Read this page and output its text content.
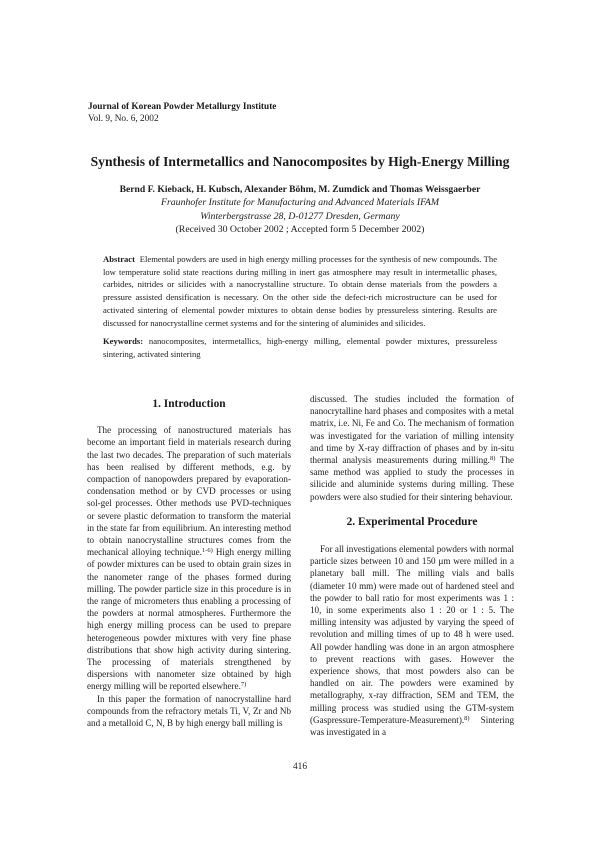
Journal of Korean Powder Metallurgy Institute
Vol. 9, No. 6, 2002
Synthesis of Intermetallics and Nanocomposites by High-Energy Milling
Bernd F. Kieback, H. Kubsch, Alexander Böhm, M. Zumdick and Thomas Weissgaerber
Fraunhofer Institute for Manufacturing and Advanced Materials IFAM
Winterbergstrasse 28, D-01277 Dresden, Germany
(Received 30 October 2002 ; Accepted form 5 December 2002)
Abstract Elemental powders are used in high energy milling processes for the synthesis of new compounds. The low temperature solid state reactions during milling in inert gas atmosphere may result in intermetallic phases, carbides, nitrides or silicides with a nanocrystalline structure. To obtain dense materials from the powders a pressure assisted densification is necessary. On the other side the defect-rich microstructure can be used for activated sintering of elemental powder mixtures to obtain dense bodies by pressureless sintering. Results are discussed for nanocrystalline cermet systems and for the sintering of aluminides and silicides.
Keywords: nanocomposites, intermetallics, high-energy milling, elemental powder mixtures, pressureless sintering, activated sintering
1. Introduction

The processing of nanostructured materials has become an important field in materials research during the last two decades. The preparation of such materials has been realised by different methods, e.g. by compaction of nanopowders prepared by evaporation-condensation method or by CVD processes or using sol-gel processes. Other methods use PVD-techniques or severe plastic deformation to transform the material in the state far from equilibrium. An interesting method to obtain nanocrystalline structures comes from the mechanical alloying technique.$^{1-6)}$ High energy milling of powder mixtures can be used to obtain grain sizes in the nanometer range of the phases formed during milling. The powder particle size in this procedure is in the range of micrometers thus enabling a processing of the powders at normal atmospheres. Furthermore the high energy milling process can be used to prepare heterogeneous powder mixtures with very fine phase distributions that show high activity during sintering. The processing of materials strengthened by dispersions with nanometer size obtained by high energy milling will be reported elsewhere.$^{7)}$

In this paper the formation of nanocrystalline hard compounds from the refractory metals Ti, V, Zr and Nb and a metalloid C, N, B by high energy ball milling is

discussed. The studies included the formation of nanocrytalline hard phases and composites with a metal matrix, i.e. Ni, Fe and Co. The mechanism of formation was investigated for the variation of milling intensity and time by X-ray diffraction of phases and by in-situ thermal analysis measurements during milling.$^{8)}$ The same method was applied to study the processes in silicide and aluminide systems during milling. These powders were also studied for their sintering behaviour.

2. Experimental Procedure

For all investigations elemental powders with normal particle sizes between 10 and 150 μm were milled in a planetary ball mill. The milling vials and balls (diameter 10 mm) were made out of hardened steel and the powder to ball ratio for most experiments was 1 : 10, in some experiments also 1 : 20 or 1 : 5. The milling intensity was adjusted by varying the speed of revolution and milling times of up to 48 h were used. All powder handling was done in an argon atmosphere to prevent reactions with gases. However the experience shows, that most powders also can be handled on air. The powders were examined by metallography, x-ray diffraction, SEM and TEM, the milling process was studied using the GTM-system (Gaspressure-Temperature-Measurement).$^{8)}$ Sintering was investigated in a

416
